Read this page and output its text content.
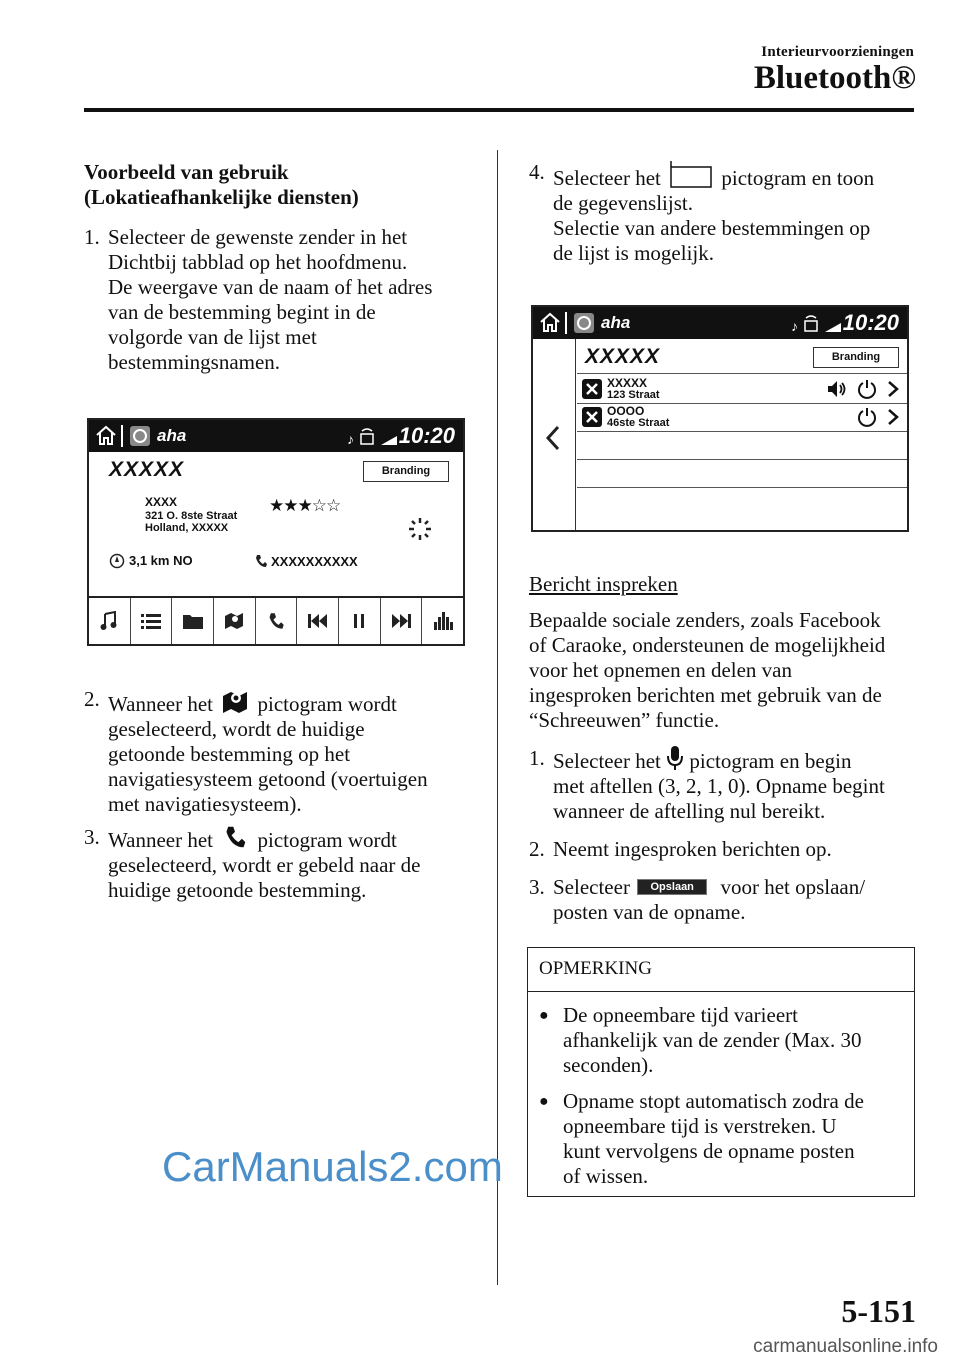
Interieurvoorzieningen
Bluetooth®
Voorbeeld van gebruik
(Lokatieafhankelijke diensten)
1. Selecteer de gewenste zender in het
Dichtbij tabblad op het hoofdmenu.
De weergave van de naam of het adres
van de bestemming begint in de
volgorde van de lijst met
bestemmingsnamen.
aha	♪ 10:20
XXXXX	Branding
XXXX
321 O. 8ste Straat
Holland, XXXXX
★★★☆☆
3,1 km NO	XXXXXXXXXX
2. Wanneer het pictogram wordt
geselecteerd, wordt de huidige
getoonde bestemming op het
navigatiesysteem getoond (voertuigen
met navigatiesysteem).
3. Wanneer het pictogram wordt
geselecteerd, wordt er gebeld naar de
huidige getoonde bestemming.
4. Selecteer het	pictogram en toon
de gegevenslijst.
Selectie van andere bestemmingen op
de lijst is mogelijk.
aha	♪ 10:20
XXXXX	Branding
XXXXX
123 Straat
OOOO
46ste Straat
Bericht inspreken
Bepaalde sociale zenders, zoals Facebook
of Caraoke, ondersteunen de mogelijkheid
voor het opnemen en delen van
ingesproken berichten met gebruik van de
“Schreeuwen” functie.
1. Selecteer het pictogram en begin
met aftellen (3, 2, 1, 0). Opname begint
wanneer de aftelling nul bereikt.
2. Neemt ingesproken berichten op.
3. Selecteer Opslaan voor het opslaan/
posten van de opname.
OPMERKING
● De opneembare tijd varieert
afhankelijk van de zender (Max. 30
seconden).
● Opname stopt automatisch zodra de
opneembare tijd is verstreken. U
kunt vervolgens de opname posten
of wissen.
5-151
CarManuals2.com
carmanualsonline.info
